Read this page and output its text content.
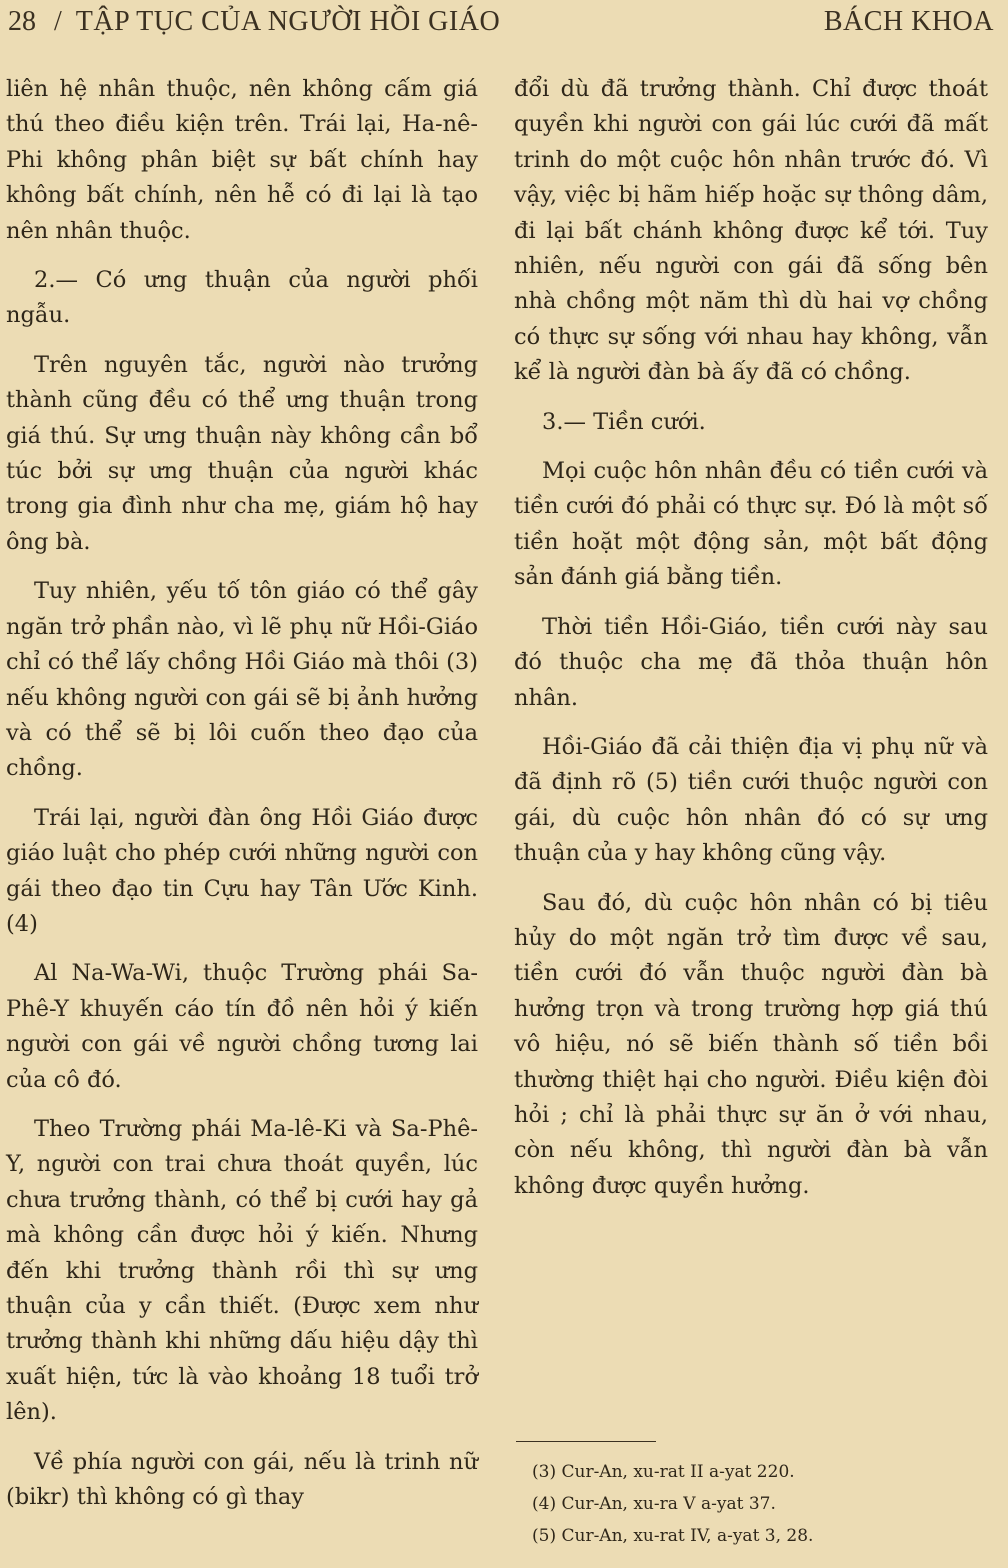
28 / TẬP TỤC CỦA NGƯỜI HỒI GIÁO	BÁCH KHOA

liên hệ nhân thuộc, nên không cấm giá thú theo điều kiện trên. Trái lại, Ha-nê-Phi không phân biệt sự bất chính hay không bất chính, nên hễ có đi lại là tạo nên nhân thuộc.

2.— Có ưng thuận của người phối ngẫu.

Trên nguyên tắc, người nào trưởng thành cũng đều có thể ưng thuận trong giá thú. Sự ưng thuận này không cần bổ túc bởi sự ưng thuận của người khác trong gia đình như cha mẹ, giám hộ hay ông bà.

Tuy nhiên, yếu tố tôn giáo có thể gây ngăn trở phần nào, vì lẽ phụ nữ Hồi-Giáo chỉ có thể lấy chồng Hồi Giáo mà thôi (3) nếu không người con gái sẽ bị ảnh hưởng và có thể sẽ bị lôi cuốn theo đạo của chồng.

Trái lại, người đàn ông Hồi Giáo được giáo luật cho phép cưới những người con gái theo đạo tin Cựu hay Tân Ước Kinh. (4)

Al Na-Wa-Wi, thuộc Trường phái Sa-Phê-Y khuyến cáo tín đồ nên hỏi ý kiến người con gái về người chồng tương lai của cô đó.

Theo Trường phái Ma-lê-Ki và Sa-Phê-Y, người con trai chưa thoát quyền, lúc chưa trưởng thành, có thể bị cưới hay gả mà không cần được hỏi ý kiến. Nhưng đến khi trưởng thành rồi thì sự ưng thuận của y cần thiết. (Được xem như trưởng thành khi những dấu hiệu dậy thì xuất hiện, tức là vào khoảng 18 tuổi trở lên).

Về phía người con gái, nếu là trinh nữ (bikr) thì không có gì thay

đổi dù đã trưởng thành. Chỉ được thoát quyền khi người con gái lúc cưới đã mất trinh do một cuộc hôn nhân trước đó. Vì vậy, việc bị hãm hiếp hoặc sự thông dâm, đi lại bất chánh không được kể tới. Tuy nhiên, nếu người con gái đã sống bên nhà chồng một năm thì dù hai vợ chồng có thực sự sống với nhau hay không, vẫn kể là người đàn bà ấy đã có chồng.

3.— Tiền cưới.

Mọi cuộc hôn nhân đều có tiền cưới và tiền cưới đó phải có thực sự. Đó là một số tiền hoặt một động sản, một bất động sản đánh giá bằng tiền.

Thời tiền Hồi-Giáo, tiền cưới này sau đó thuộc cha mẹ đã thỏa thuận hôn nhân.

Hồi-Giáo đã cải thiện địa vị phụ nữ và đã định rõ (5) tiền cưới thuộc người con gái, dù cuộc hôn nhân đó có sự ưng thuận của y hay không cũng vậy.

Sau đó, dù cuộc hôn nhân có bị tiêu hủy do một ngăn trở tìm được về sau, tiền cưới đó vẫn thuộc người đàn bà hưởng trọn và trong trường hợp giá thú vô hiệu, nó sẽ biến thành số tiền bồi thường thiệt hại cho người. Điều kiện đòi hỏi ; chỉ là phải thực sự ăn ở với nhau, còn nếu không, thì người đàn bà vẫn không được quyền hưởng.

(3) Cur-An, xu-rat II a-yat 220.
(4) Cur-An, xu-ra V a-yat 37.
(5) Cur-An, xu-rat IV, a-yat 3, 28.
